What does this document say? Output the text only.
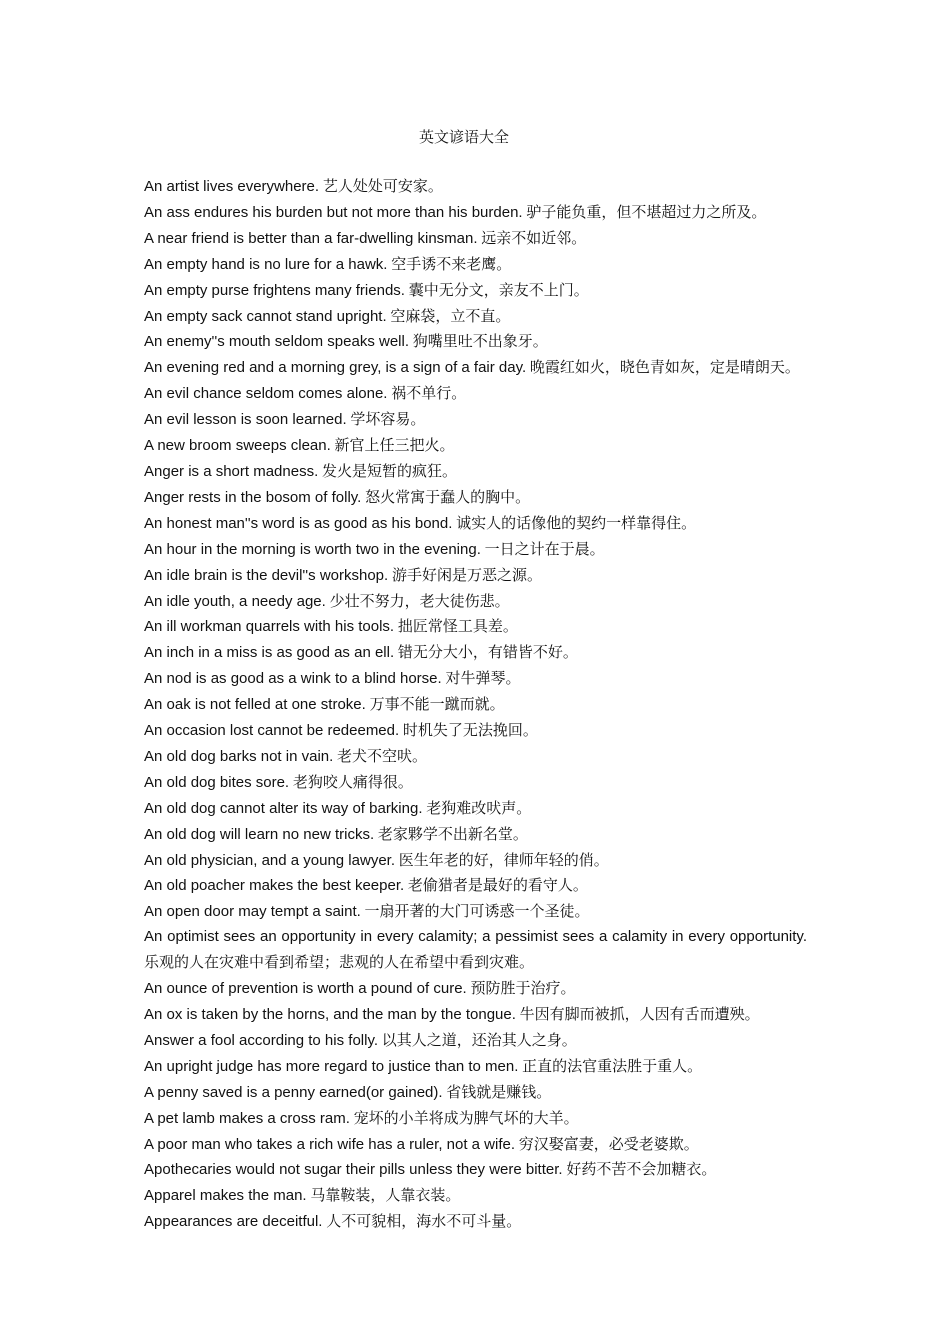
英文谚语大全

An artist lives everywhere. 艺人处处可安家。

An ass endures his burden but not more than his burden. 驴子能负重，但不堪超过力之所及。

A near friend is better than a far-dwelling kinsman. 远亲不如近邻。

An empty hand is no lure for a hawk. 空手诱不来老鹰。

An empty purse frightens many friends. 囊中无分文，亲友不上门。

An empty sack cannot stand upright. 空麻袋，立不直。

An enemy''s mouth seldom speaks well. 狗嘴里吐不出象牙。

An evening red and a morning grey, is a sign of a fair day. 晚霞红如火，晓色青如灰，定是晴朗天。

An evil chance seldom comes alone. 祸不单行。

An evil lesson is soon learned. 学坏容易。

A new broom sweeps clean. 新官上任三把火。

Anger is a short madness. 发火是短暂的疯狂。

Anger rests in the bosom of folly. 怒火常寓于蠢人的胸中。

An honest man''s word is as good as his bond. 诚实人的话像他的契约一样靠得住。

An hour in the morning is worth two in the evening. 一日之计在于晨。

An idle brain is the devil''s workshop. 游手好闲是万恶之源。

An idle youth, a needy age. 少壮不努力，老大徒伤悲。

An ill workman quarrels with his tools. 拙匠常怪工具差。

An inch in a miss is as good as an ell. 错无分大小，有错皆不好。

An nod is as good as a wink to a blind horse. 对牛弹琴。

An oak is not felled at one stroke. 万事不能一蹴而就。

An occasion lost cannot be redeemed. 时机失了无法挽回。

An old dog barks not in vain. 老犬不空吠。

An old dog bites sore. 老狗咬人痛得很。

An old dog cannot alter its way of barking. 老狗难改吠声。

An old dog will learn no new tricks. 老家夥学不出新名堂。

An old physician, and a young lawyer. 医生年老的好，律师年轻的俏。

An old poacher makes the best keeper. 老偷猎者是最好的看守人。

An open door may tempt a saint. 一扇开著的大门可诱惑一个圣徒。

An optimist sees an opportunity in every calamity; a pessimist sees a calamity in every opportunity. 乐观的人在灾难中看到希望；悲观的人在希望中看到灾难。

An ounce of prevention is worth a pound of cure. 预防胜于治疗。

An ox is taken by the horns, and the man by the tongue. 牛因有脚而被抓，人因有舌而遭殃。

Answer a fool according to his folly. 以其人之道，还治其人之身。

An upright judge has more regard to justice than to men. 正直的法官重法胜于重人。

A penny saved is a penny earned(or gained). 省钱就是赚钱。

A pet lamb makes a cross ram. 宠坏的小羊将成为脾气坏的大羊。

A poor man who takes a rich wife has a ruler, not a wife. 穷汉娶富妻，必受老婆欺。

Apothecaries would not sugar their pills unless they were bitter. 好药不苦不会加糖衣。

Apparel makes the man. 马靠鞍装，人靠衣装。

Appearances are deceitful. 人不可貌相，海水不可斗量。
